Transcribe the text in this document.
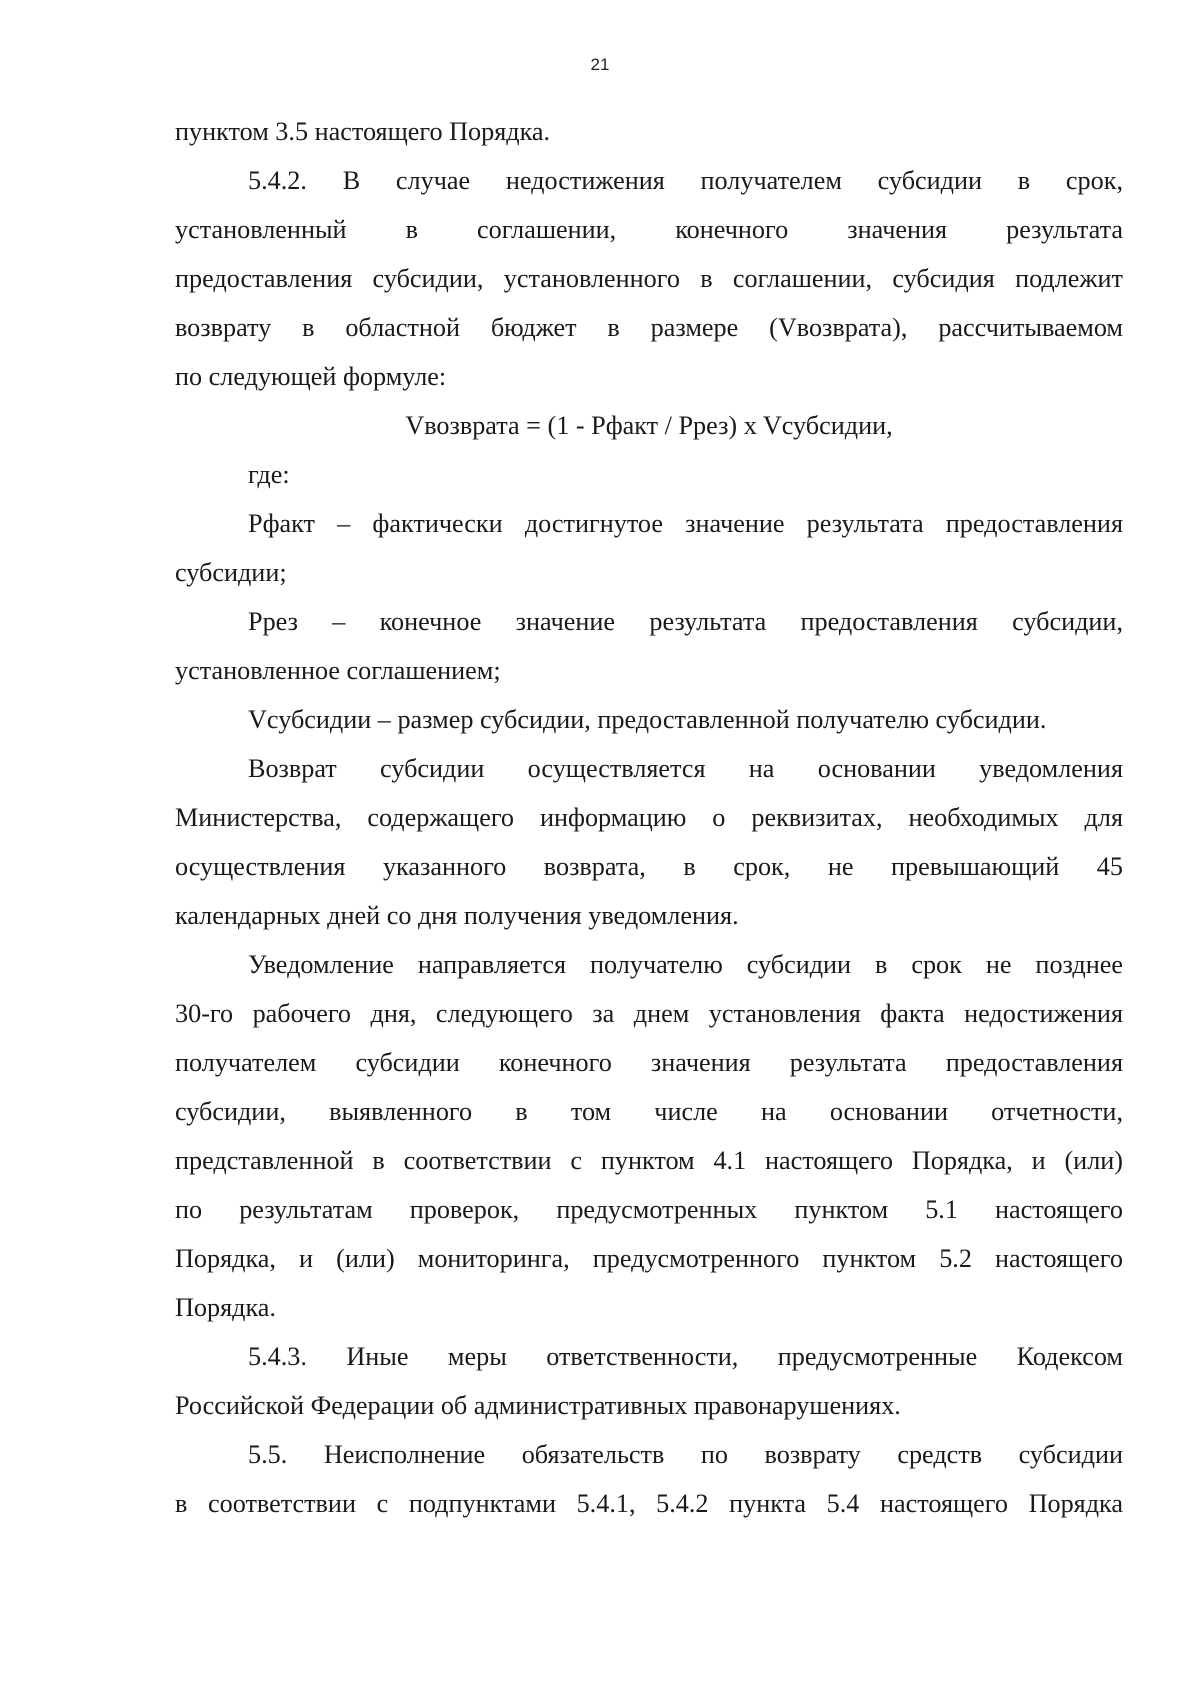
21
пунктом 3.5 настоящего Порядка.
5.4.2. В случае недостижения получателем субсидии в срок,
установленный в соглашении, конечного значения результата
предоставления субсидии, установленного в соглашении, субсидия подлежит
возврату в областной бюджет в размере (Vвозврата), рассчитываемом
по следующей формуле:
Vвозврата = (1 - Pфакт / Pрез) x Vсубсидии,
где:
Pфакт – фактически достигнутое значение результата предоставления
субсидии;
Pрез – конечное значение результата предоставления субсидии,
установленное соглашением;
Vсубсидии – размер субсидии, предоставленной получателю субсидии.
Возврат субсидии осуществляется на основании уведомления
Министерства, содержащего информацию о реквизитах, необходимых для
осуществления указанного возврата, в срок, не превышающий 45
календарных дней со дня получения уведомления.
Уведомление направляется получателю субсидии в срок не позднее
30-го рабочего дня, следующего за днем установления факта недостижения
получателем субсидии конечного значения результата предоставления
субсидии, выявленного в том числе на основании отчетности,
представленной в соответствии с пунктом 4.1 настоящего Порядка, и (или)
по результатам проверок, предусмотренных пунктом 5.1 настоящего
Порядка, и (или) мониторинга, предусмотренного пунктом 5.2 настоящего
Порядка.
5.4.3. Иные меры ответственности, предусмотренные Кодексом
Российской Федерации об административных правонарушениях.
5.5. Неисполнение обязательств по возврату средств субсидии
в соответствии с подпунктами 5.4.1, 5.4.2 пункта 5.4 настоящего Порядка
